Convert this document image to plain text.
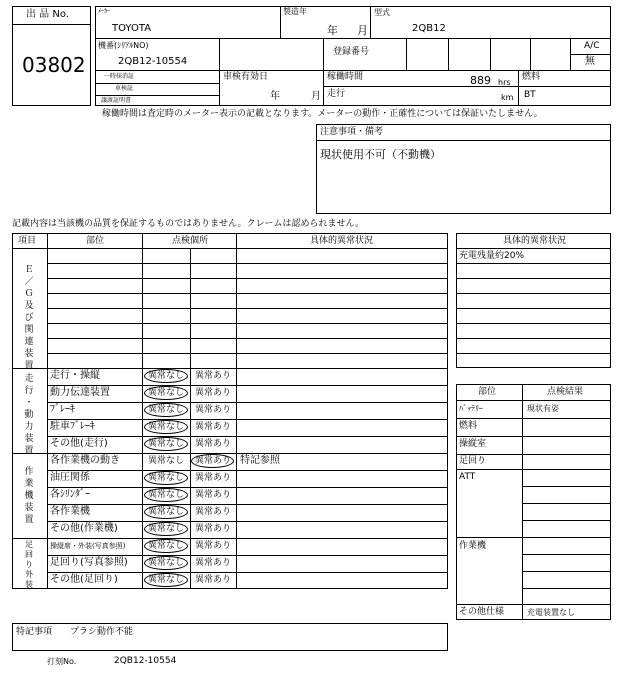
出 品 No.
03802
ﾒｰｶｰ
TOYOTA
製造年
年 月
型式
2QB12
機番(ｼﾘｱﾙNO)
2QB12-10554
登録番号
A/C
無
一時抹消証
車検証
譲渡証明書
車検有効日
年	月
稼働時間	889 hrs
走行	km
燃料
BT
稼働時間は査定時のメーター表示の記載となります。メーターの動作・正確性については保証いたしません。
注意事項・備考
現状使用不可（不動機）
記載内容は当該機の品質を保証するものではありません。クレームは認められません。
項目	部位	点検個所	具体的異常状況
Ｅ
／
Ｇ
及
び
関
連
装
置
走
行
・
動
力
装
置
作
業
機
装
置
足
回
り
外
装
走行・操縦	異常なし 異常あり
動力伝達装置	異常なし 異常あり
ﾌﾞﾚｰｷ	異常なし 異常あり
駐車ﾌﾞﾚｰｷ	異常なし 異常あり
その他(走行)	異常なし 異常あり
各作業機の動き	異常なし 異常あり 特記参照
油圧関係	異常なし 異常あり
各ｼﾘﾝﾀﾞｰ	異常なし 異常あり
各作業機	異常なし 異常あり
その他(作業機)	異常なし 異常あり
操縦席・外装(写真参照)	異常なし 異常あり
足回り(写真参照) 異常なし 異常あり
その他(足回り)	異常なし 異常あり
具体的異常状況
充電残量約20%
部位	点検結果
ﾊﾞｯﾃﾘｰ	現状有姿
燃料
操縦室
足回り
ATT
作業機
その他仕様	充電装置なし
特記事項 プラシ動作不能
打刻No.	2QB12-10554
